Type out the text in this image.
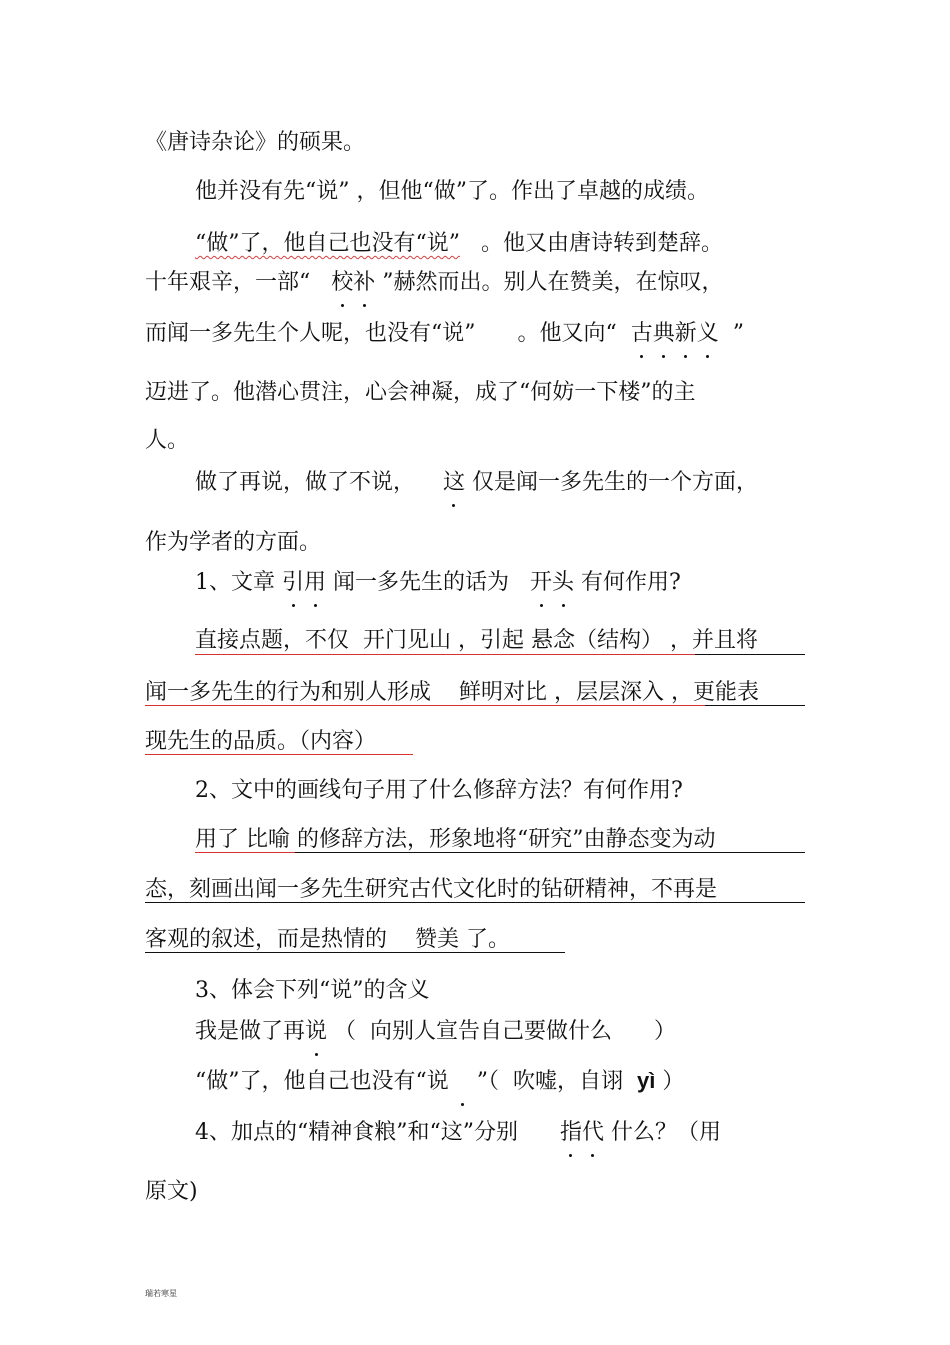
《唐诗杂论》的硕果。
他并没有先“说” ，但他“做”了。作出了卓越的成绩。
“做”了，他自己也没有“说”   。他又由唐诗转到楚辞。
十年艰辛，一部“   校补 ”赫然而出。别人在赞美，在惊叹，
而闻一多先生个人呢，也没有“说”      。他又向“  古典新义  ”
迈进了。他潜心贯注，心会神凝，成了“何妨一下楼”的主
人。
做了再说，做了不说，    这 仅是闻一多先生的一个方面，
作为学者的方面。
1、文章 引用 闻一多先生的话为   开头 有何作用?
直接点题，不仅  开门见山 ，引起 悬念（结构） ，并且将
闻一多先生的行为和别人形成    鲜明对比 ，层层深入 ，更能表
现先生的品质。（内容）
2、文中的画线句子用了什么修辞方法？有何作用?
用了 比喻 的修辞方法，形象地将“研究”由静态变为动
态，刻画出闻一多先生研究古代文化时的钻研精神，不再是
客观的叙述，而是热情的    赞美 了。
3、体会下列“说”的含义
我是做了再说 （  向别人宣告自己要做什么      ）
“做”了，他自己也没有“说 ”（  吹嘘，自诩  yì ）
4、加点的“精神食粮”和“这”分别      指代 什么？（用
原文)
瑞若寒星
